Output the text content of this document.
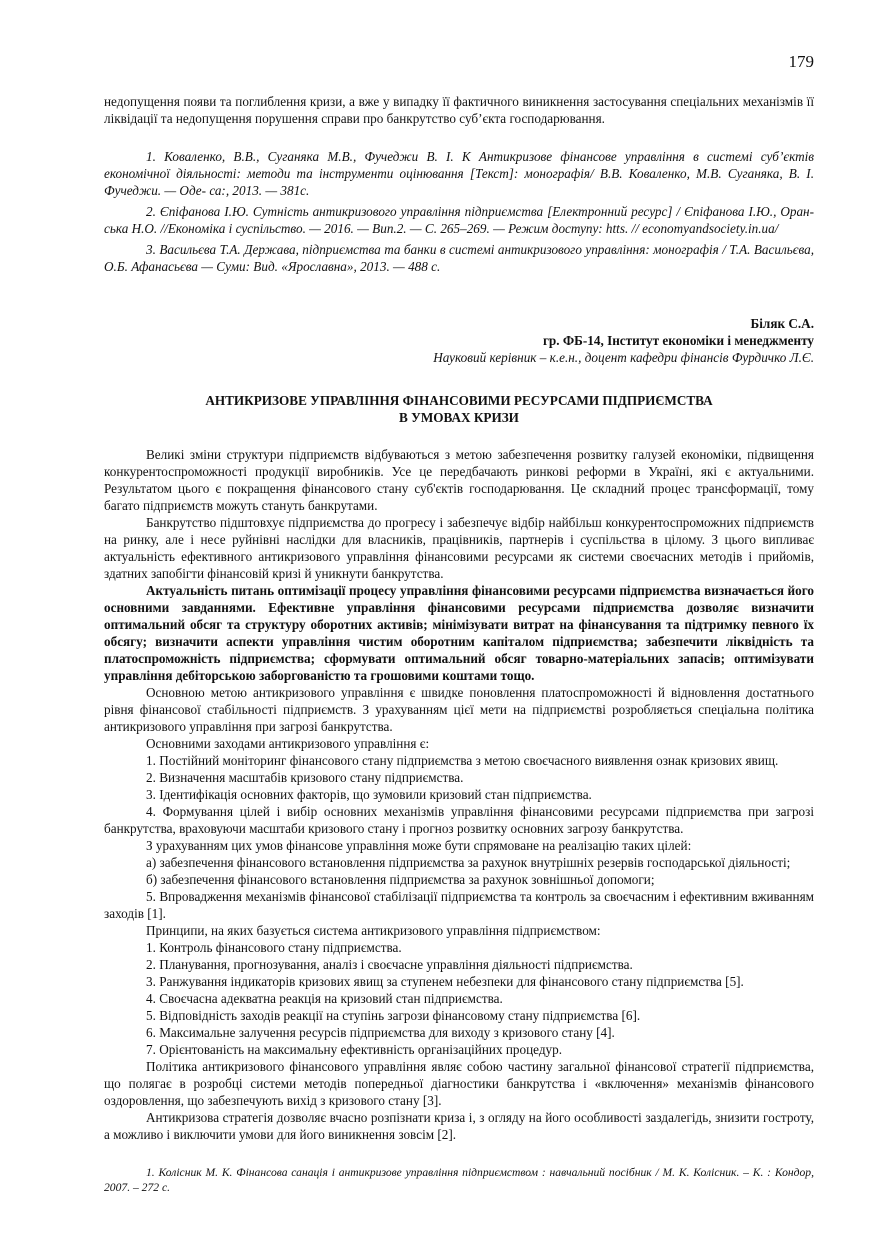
179

недопущення появи та поглиблення кризи, а вже у випадку її фактичного виникнення застосування спеціальних механізмів її ліквідації та недопущення порушення справи про банкрутство суб’єкта господарювання.

1. Коваленко, В.В., Суганяка М.В., Фучеджи В. І. К Антикризове фінансове управління в системі суб’єктів економічної діяльності: методи та інструменти оцінювання [Текст]: монографія/ В.В. Коваленко, М.В. Суганяка, В. І. Фучеджи. — Оде- са:, 2013. — 381с.

2. Єпіфанова І.Ю. Сутність антикризового управління підприємства [Електронний ресурс] / Єпіфанова І.Ю., Оран- ська Н.О. //Економіка і суспільство. — 2016. — Вип.2. — С. 265–269. — Режим доступу: htts. // economyandsociety.in.ua/

3. Васильєва Т.А. Держава, підприємства та банки в системі антикризового управління: монографія / Т.А. Васильєва, О.Б. Афанасьєва — Суми: Вид. «Ярославна», 2013. — 488 с.

Біляк С.А.
гр. ФБ-14, Інститут економіки і менеджменту
Науковий керівник – к.е.н., доцент кафедри фінансів Фурдичко Л.Є.
АНТИКРИЗОВЕ УПРАВЛІННЯ ФІНАНСОВИМИ РЕСУРСАМИ ПІДПРИЄМСТВА
В УМОВАХ КРИЗИ

Великі зміни структури підприємств відбуваються з метою забезпечення розвитку галузей економіки, підвищення конкурентоспроможності продукції виробників. Усе це передбачають ринкові реформи в Україні, які є актуальними. Результатом цього є покращення фінансового стану суб'єктів господарювання. Це складний процес трансформації, тому багато підприємств можуть стануть банкрутами.

Банкрутство підштовхує підприємства до прогресу і забезпечує відбір найбільш конкурентоспроможних підприємств на ринку, але і несе руйнівні наслідки для власників, працівників, партнерів і суспільства в цілому. З цього випливає актуальність ефективного антикризового управління фінансовими ресурсами як системи своєчасних методів і прийомів, здатних запобігти фінансовій кризі й уникнути банкрутства.

Актуальність питань оптимізації процесу управління фінансовими ресурсами підприємства визначається його основними завданнями. Ефективне управління фінансовими ресурсами підприємства дозволяє визначити оптимальний обсяг та структуру оборотних активів; мінімізувати витрат на фінансування та підтримку певного їх обсягу; визначити аспекти управління чистим оборотним капіталом підприємства; забезпечити ліквідність та платоспроможність підприємства; сформувати оптимальний обсяг товарно-матеріальних запасів; оптимізувати управління дебіторською заборгованістю та грошовими коштами тощо.

Основною метою антикризового управління є швидке поновлення платоспроможності й відновлення достатнього рівня фінансової стабільності підприємств. З урахуванням цієї мети на підприємстві розробляється спеціальна політика антикризового управління при загрозі банкрутства.

Основними заходами антикризового управління є:

1. Постійний моніторинг фінансового стану підприємства з метою своєчасного виявлення ознак кризових явищ.

2. Визначення масштабів кризового стану підприємства.

3. Ідентифікація основних факторів, що зумовили кризовий стан підприємства.

4. Формування цілей і вибір основних механізмів управління фінансовими ресурсами підприємства при загрозі банкрутства, враховуючи масштаби кризового стану і прогноз розвитку основних загрозу банкрутства.

З урахуванням цих умов фінансове управління може бути спрямоване на реалізацію таких цілей:

а) забезпечення фінансового встановлення підприємства за рахунок внутрішніх резервів господарської діяльності;

б) забезпечення фінансового встановлення підприємства за рахунок зовнішньої допомоги;

5. Впровадження механізмів фінансової стабілізації підприємства та контроль за своєчасним і ефективним вживанням заходів [1].

Принципи, на яких базується система антикризового управління підприємством:

1. Контроль фінансового стану підприємства.

2. Планування, прогнозування, аналіз і своєчасне управління діяльності підприємства.

3. Ранжування індикаторів кризових явищ за ступенем небезпеки для фінансового стану підприємства [5].

4. Своєчасна адекватна реакція на кризовий стан підприємства.

5. Відповідність заходів реакції на ступінь загрози фінансовому стану підприємства [6].

6. Максимальне залучення ресурсів підприємства для виходу з кризового стану [4].

7. Орієнтованість на максимальну ефективність організаційних процедур.

Політика антикризового фінансового управління являє собою частину загальної фінансової стратегії підприємства, що полягає в розробці системи методів попередньої діагностики банкрутства і «включення» механізмів фінансового оздоровлення, що забезпечують вихід з кризового стану [3].

Антикризова стратегія дозволяє вчасно розпізнати криза і, з огляду на його особливості заздалегідь, знизити гостроту, а можливо і виключити умови для його виникнення зовсім [2].

1. Колісник М. К. Фінансова санація і антикризове управління підприємством : навчальний посібник / М. К. Колісник. – К. : Кондор, 2007. – 272 с.
